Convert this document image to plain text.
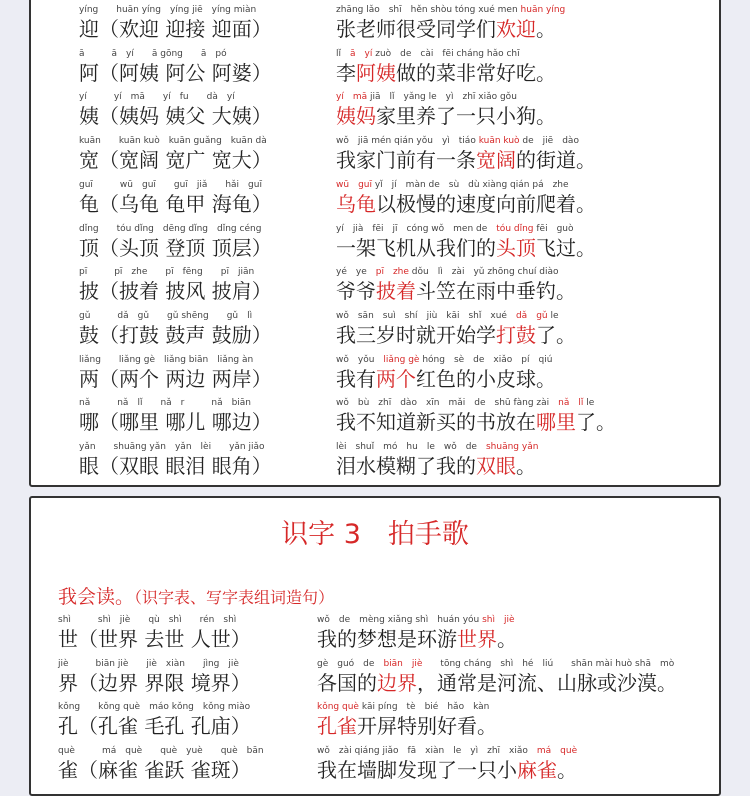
yíng　　huān yíng　yíng jiē　yíng miàn
迎（欢迎 迎接 迎面）
zhāng lǎo　shī　hěn shòu tóng xué men huān yíng
张老师很受同学们欢迎。
ā　　　ā　yí　　ā gōng　　ā　pó
阿（阿姨 阿公 阿婆）
lǐ　ā　yí zuò　de　cài　fēi cháng hǎo chī
李阿姨做的菜非常好吃。
yí　　　yí　mā　　yí　fu　　dà　yí
姨（姨妈 姨父 大姨）
yí　mā jiā　lǐ　yǎng le　yì　zhī xiǎo gǒu
姨妈家里养了一只小狗。
kuān　　kuān kuò　kuān guǎng　kuān dà
宽（宽阔 宽广 宽大）
wǒ　jiā mén qián yǒu　yì　tiáo kuān kuò de　jiē　dào
我家门前有一条宽阔的街道。
guī　　　wū　guī　　guī　jiǎ　　hǎi　guī
龟（乌龟 龟甲 海龟）
wū　guī yǐ　jí　màn de　sù　dù xiàng qián pá　zhe
乌龟以极慢的速度向前爬着。
dǐng　　tóu dǐng　dēng dǐng　dǐng céng
顶（头顶 登顶 顶层）
yí　jià　fēi　jī　cóng wǒ　men de　tóu dǐng fēi　guò
一架飞机从我们的头顶飞过。
pī　　　pī　zhe　　pī　fēng　　pī　jiān
披（披着 披风 披肩）
yé　ye　pī　zhe dǒu　lì　zài　yǔ zhōng chuí diào
爷爷披着斗笠在雨中垂钓。
gǔ　　　dǎ　gǔ　　gǔ shēng　　gǔ　lì
鼓（打鼓 鼓声 鼓励）
wǒ　sān　suì　shí　jiù　kāi　shǐ　xué　dǎ　gǔ le
我三岁时就开始学打鼓了。
liǎng　　liǎng gè　liǎng biān　liǎng àn
两（两个 两边 两岸）
wǒ　yǒu　liǎng gè hóng　sè　de　xiǎo　pí　qiú
我有两个红色的小皮球。
nǎ　　　nǎ　lǐ　　nǎ　r　　　nǎ　biān
哪（哪里 哪儿 哪边）
wǒ　bù　zhī　dào　xīn　mǎi　de　shū fàng zài　nǎ　lǐ le
我不知道新买的书放在哪里了。
yǎn　　shuāng yǎn　yǎn　lèi　　yǎn jiǎo
眼（双眼 眼泪 眼角）
lèi　shuǐ　mó　hu　le　wǒ　de　shuāng yǎn
泪水模糊了我的双眼。
识字 3　拍手歌
我会读。（识字表、写字表组词造句）
shì　　　shì　jiè　　qù　shì　　rén　shì
世（世界 去世 人世）
wǒ　de　mèng xiǎng shì　huán yóu shì　jiè
我的梦想是环游世界。
jiè　　　biān jiè　　jiè　xiàn　　jìng　jiè
界（边界 界限 境界）
gè　guó　de　biān　jiè　　tōng cháng　shì　hé　liú　　shān mài huò shā　mò
各国的边界，通常是河流、山脉或沙漠。
kǒng　　kǒng què　máo kǒng　kǒng miào
孔（孔雀 毛孔 孔庙）
kǒng què kāi píng　tè　bié　hǎo　kàn
孔雀开屏特别好看。
què　　　má　què　　què　yuè　　què　bān
雀（麻雀 雀跃 雀斑）
wǒ　zài qiáng jiǎo　fā　xiàn　le　yì　zhī　xiǎo　má　què
我在墙脚发现了一只小麻雀。
